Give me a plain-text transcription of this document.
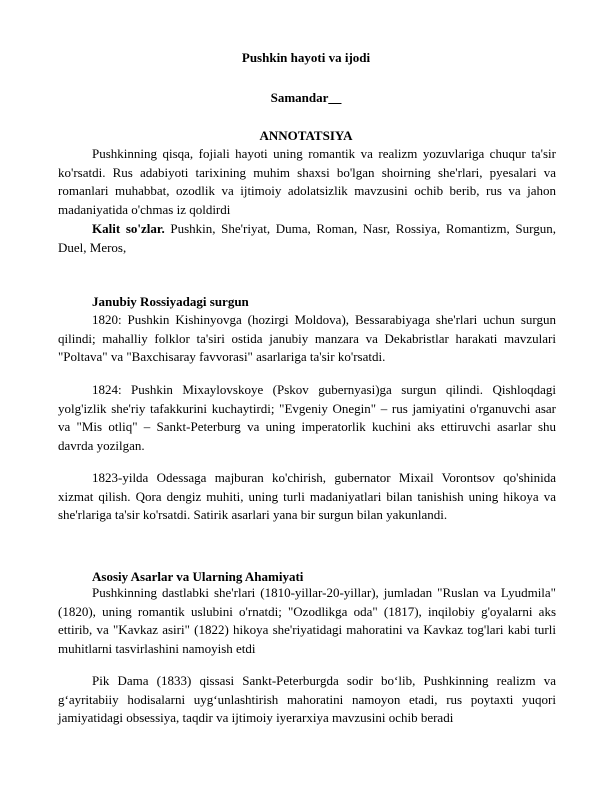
Pushkin hayoti va ijodi
Samandar__
ANNOTATSIYA
Pushkinning qisqa, fojiali hayoti uning romantik va realizm yozuvlariga chuqur ta'sir ko'rsatdi. Rus adabiyoti tarixining muhim shaxsi bo'lgan shoirning she'rlari, pyesalari va romanlari muhabbat, ozodlik va ijtimoiy adolatsizlik mavzusini ochib berib, rus va jahon madaniyatida o'chmas iz qoldirdi
Kalit so'zlar. Pushkin, She'riyat, Duma, Roman, Nasr, Rossiya, Romantizm, Surgun, Duel, Meros,
Janubiy Rossiyadagi surgun
1820: Pushkin Kishinyovga (hozirgi Moldova), Bessarabiyaga she'rlari uchun surgun qilindi; mahalliy folklor ta'siri ostida janubiy manzara va Dekabristlar harakati mavzulari "Poltava" va "Baxchisaray favvorasi" asarlariga ta'sir ko'rsatdi.
1824: Pushkin Mixaylovskoye (Pskov gubernyasi)ga surgun qilindi. Qishloqdagi yolg'izlik she'riy tafakkurini kuchaytirdi; "Evgeniy Onegin" – rus jamiyatini o'rganuvchi asar va "Mis otliq" – Sankt-Peterburg va uning imperatorlik kuchini aks ettiruvchi asarlar shu davrda yozilgan.
1823-yilda Odessaga majburan ko'chirish, gubernator Mixail Vorontsov qo'shinida xizmat qilish. Qora dengiz muhiti, uning turli madaniyatlari bilan tanishish uning hikoya va she'rlariga ta'sir ko'rsatdi. Satirik asarlari yana bir surgun bilan yakunlandi.
Asosiy Asarlar va Ularning Ahamiyati
Pushkinning dastlabki she'rlari (1810-yillar-20-yillar), jumladan "Ruslan va Lyudmila" (1820), uning romantik uslubini o'rnatdi; "Ozodlikga oda" (1817), inqilobiy g'oyalarni aks ettirib, va "Kavkaz asiri" (1822) hikoya she'riyatidagi mahoratini va Kavkaz tog'lari kabi turli muhitlarni tasvirlashini namoyish etdi
Pik Dama (1833) qissasi Sankt-Peterburgda sodir bo‘lib, Pushkinning realizm va g‘ayritabiiy hodisalarni uyg‘unlashtirish mahoratini namoyon etadi, rus poytaxti yuqori jamiyatidagi obsessiya, taqdir va ijtimoiy iyerarxiya mavzusini ochib beradi
